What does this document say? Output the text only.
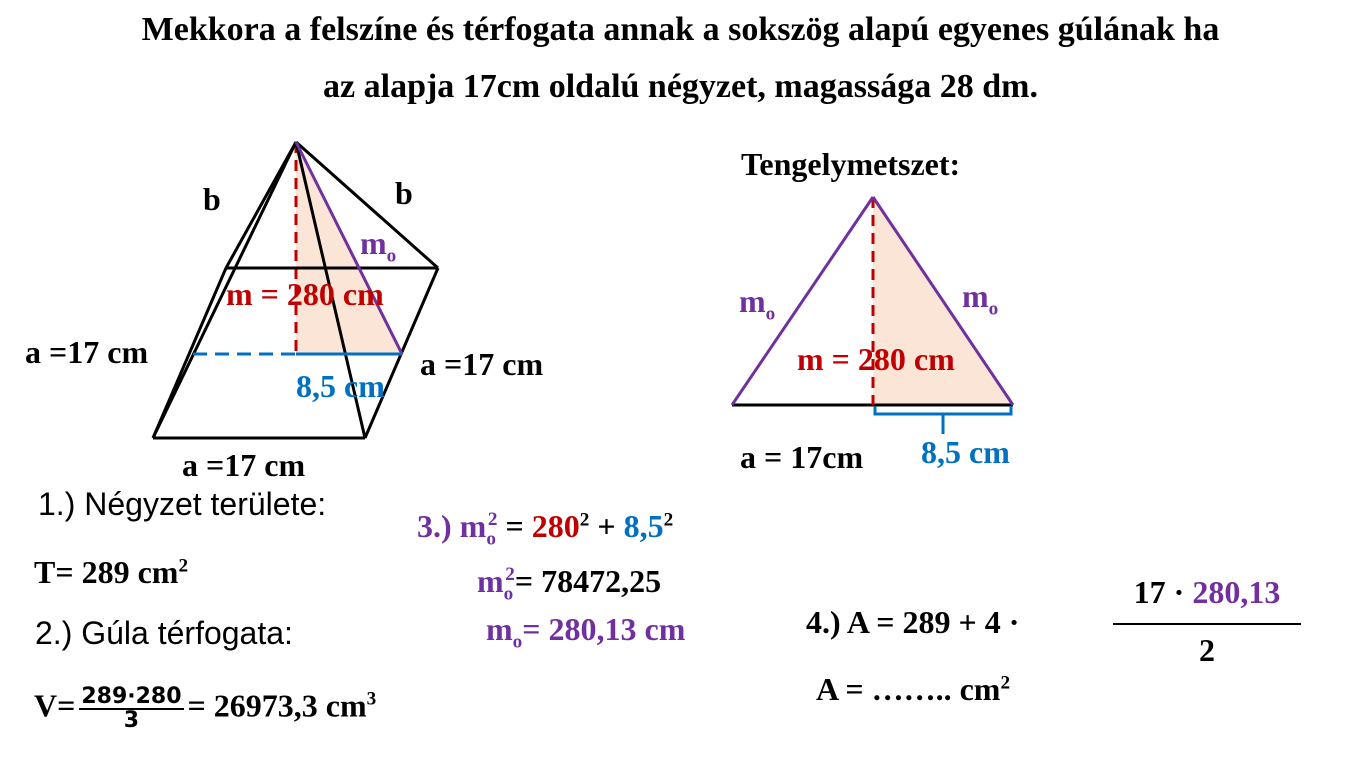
Mekkora a felszíne és térfogata annak a sokszög alapú egyenes gúlának ha
az alapja 17cm oldalú négyzet, magassága 28 dm.
b	b
$m_o$
m = 280 cm
a =17 cm	a =17 cm
8,5 cm
a =17 cm
Tengelymetszet:
$m_o$	$m_o$
m = 280 cm
a = 17cm 8,5 cm
1.) Négyzet területe:
T= 289 $cm^2$
2.) Gúla térfogata:
$V= \frac{289\cdot 280}{3} = 26973,3$ $cm^3$
3.) $m_o^2 = 280^2 + 8,5^2$
$m_o^2= 78472,25$
$m_o= 280,13$ cm	4.) A = 289 + 4 ·
17 · 280,13
2
A = …….. $cm^2$
